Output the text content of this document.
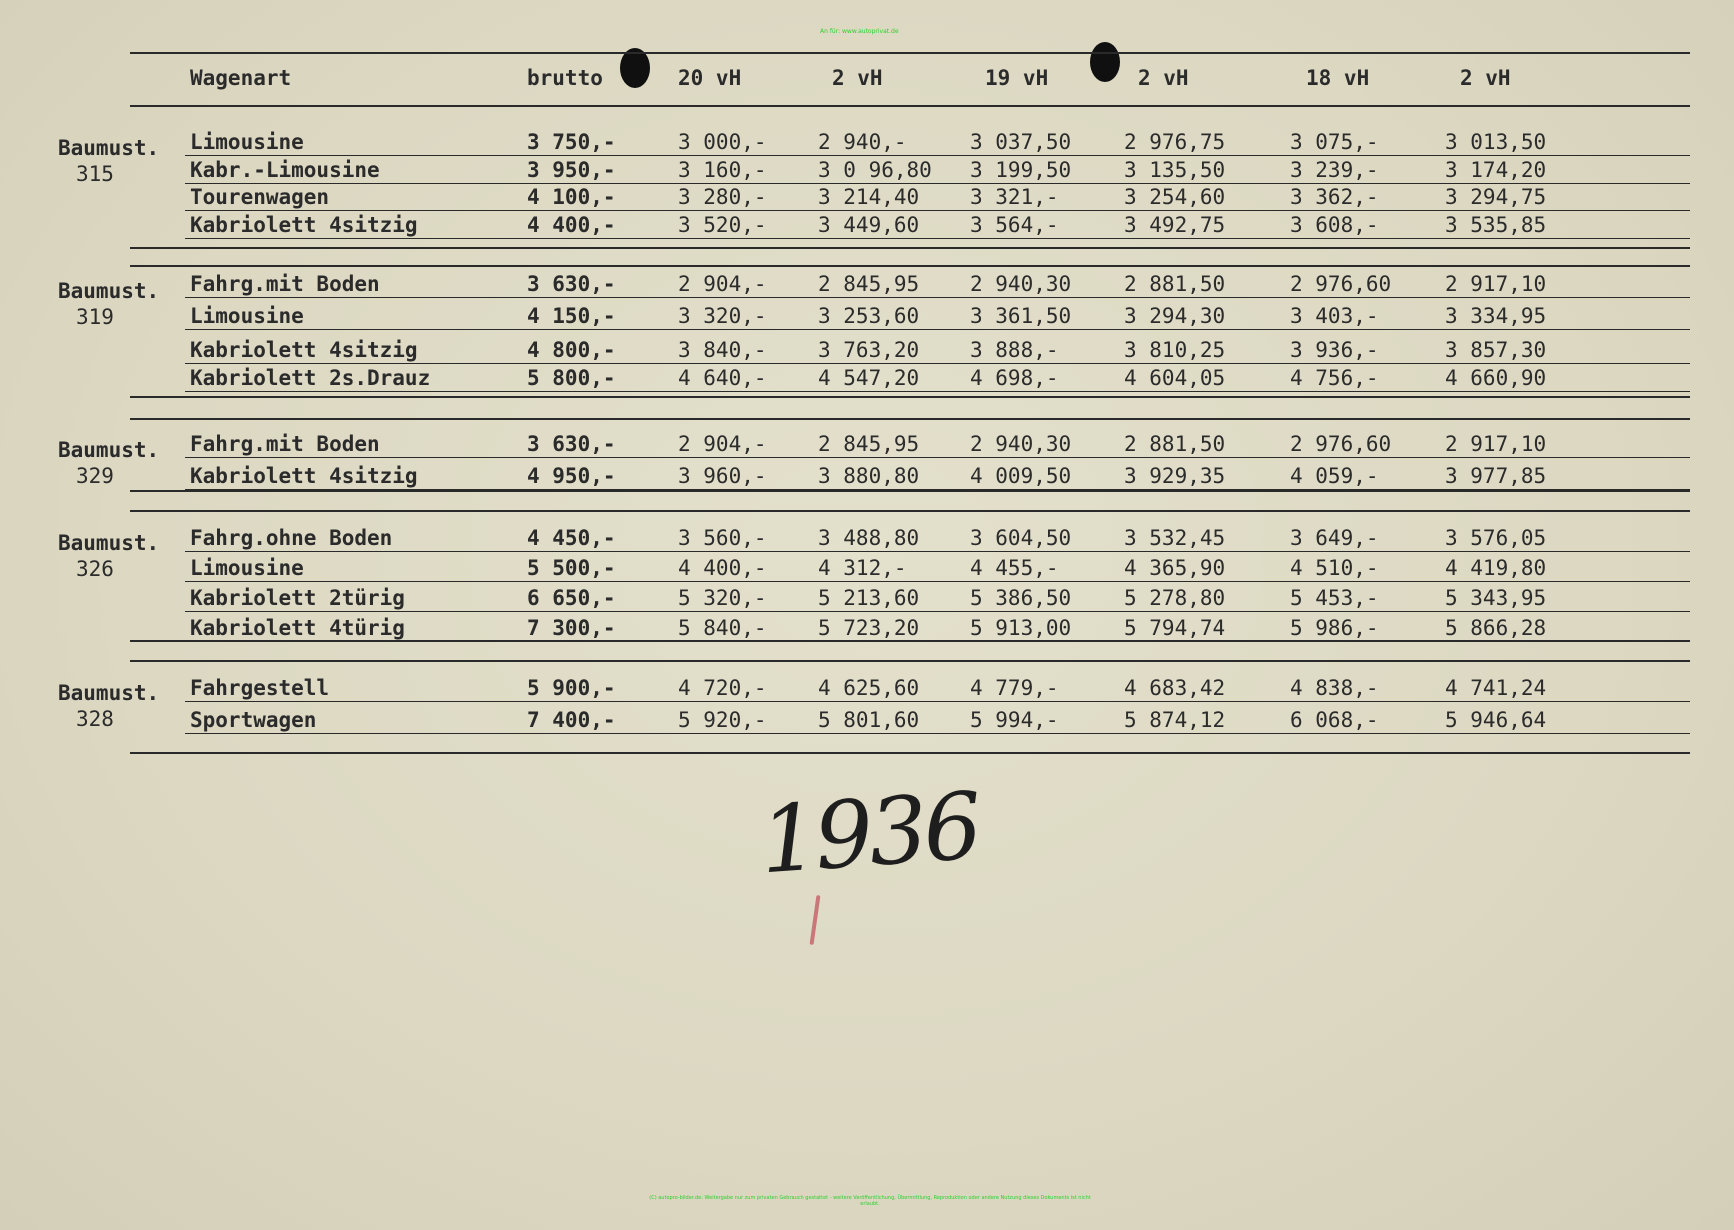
An für: www.autoprivat.de
(C) autopro-bilder.de: Weitergabe nur zum privaten Gebrauch gestattet - weitere Veröffentlichung, Übermittlung, Reproduktion oder andere Nutzung dieses Dokuments ist nicht erlaubt.
Wagenart	brutto	20 vH	2 vH	19 vH	2 vH	18 vH	2 vH
Baumust.
315
Limousine	3 750,-	3 000,-	2 940,-	3 037,50	2 976,75	3 075,-	3 013,50
Kabr.-Limousine	3 950,-	3 160,-	3 0 96,80	3 199,50	3 135,50	3 239,-	3 174,20
Tourenwagen	4 100,-	3 280,-	3 214,40	3 321,-	3 254,60	3 362,-	3 294,75
Kabriolett 4sitzig	4 400,-	3 520,-	3 449,60	3 564,-	3 492,75	3 608,-	3 535,85
Baumust.
319
Fahrg.mit Boden	3 630,-	2 904,-	2 845,95	2 940,30	2 881,50	2 976,60	2 917,10
Limousine	4 150,-	3 320,-	3 253,60	3 361,50	3 294,30	3 403,-	3 334,95
Kabriolett 4sitzig	4 800,-	3 840,-	3 763,20	3 888,-	3 810,25	3 936,-	3 857,30
Kabriolett 2s.Drauz	5 800,-	4 640,-	4 547,20	4 698,-	4 604,05	4 756,-	4 660,90
Baumust.
329
Fahrg.mit Boden	3 630,-	2 904,-	2 845,95	2 940,30	2 881,50	2 976,60	2 917,10
Kabriolett 4sitzig	4 950,-	3 960,-	3 880,80	4 009,50	3 929,35	4 059,-	3 977,85
Baumust.
326
Fahrg.ohne Boden	4 450,-	3 560,-	3 488,80	3 604,50	3 532,45	3 649,-	3 576,05
Limousine	5 500,-	4 400,-	4 312,-	4 455,-	4 365,90	4 510,-	4 419,80
Kabriolett 2türig	6 650,-	5 320,-	5 213,60	5 386,50	5 278,80	5 453,-	5 343,95
Kabriolett 4türig	7 300,-	5 840,-	5 723,20	5 913,00	5 794,74	5 986,-	5 866,28
Baumust.
328
Fahrgestell	5 900,-	4 720,-	4 625,60	4 779,-	4 683,42	4 838,-	4 741,24
Sportwagen	7 400,-	5 920,-	5 801,60	5 994,-	5 874,12	6 068,-	5 946,64
1936
